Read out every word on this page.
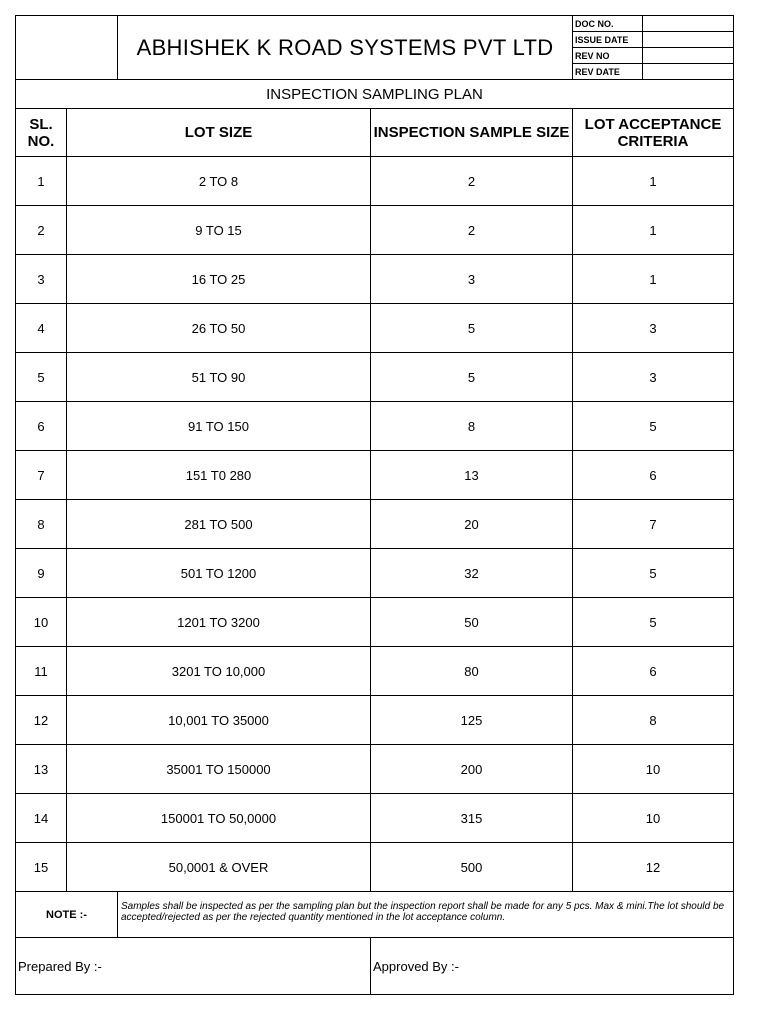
		ABHISHEK K ROAD SYSTEMS PVT LTD		DOC NO.	
				ISSUE DATE	
				REV NO	
				REV DATE	
INSPECTION SAMPLING PLAN					
SL. NO.	LOT SIZE		INSPECTION SAMPLE SIZE	LOT ACCEPTANCE CRITERIA	
1	2 TO 8		2	1	
2	9 TO 15		2	1	
3	16 TO 25		3	1	
4	26 TO 50		5	3	
5	51 TO 90		5	3	
6	91 TO 150		8	5	
7	151 T0 280		13	6	
8	281 TO 500		20	7	
9	501 TO 1200		32	5	
10	1201 TO 3200		50	5	
11	3201 TO 10,000		80	6	
12	10,001 TO 35000		125	8	
13	35001 TO 150000		200	10	
14	150001 TO 50,0000		315	10	
15	50,0001 & OVER		500	12	
NOTE :-		Samples shall be inspected as per the sampling plan but the inspection report shall be made for any 5 pcs. Max & mini.The lot should be accepted/rejected as per the rejected quantity mentioned in the lot acceptance column.			
Prepared By :-			Approved By :-		
